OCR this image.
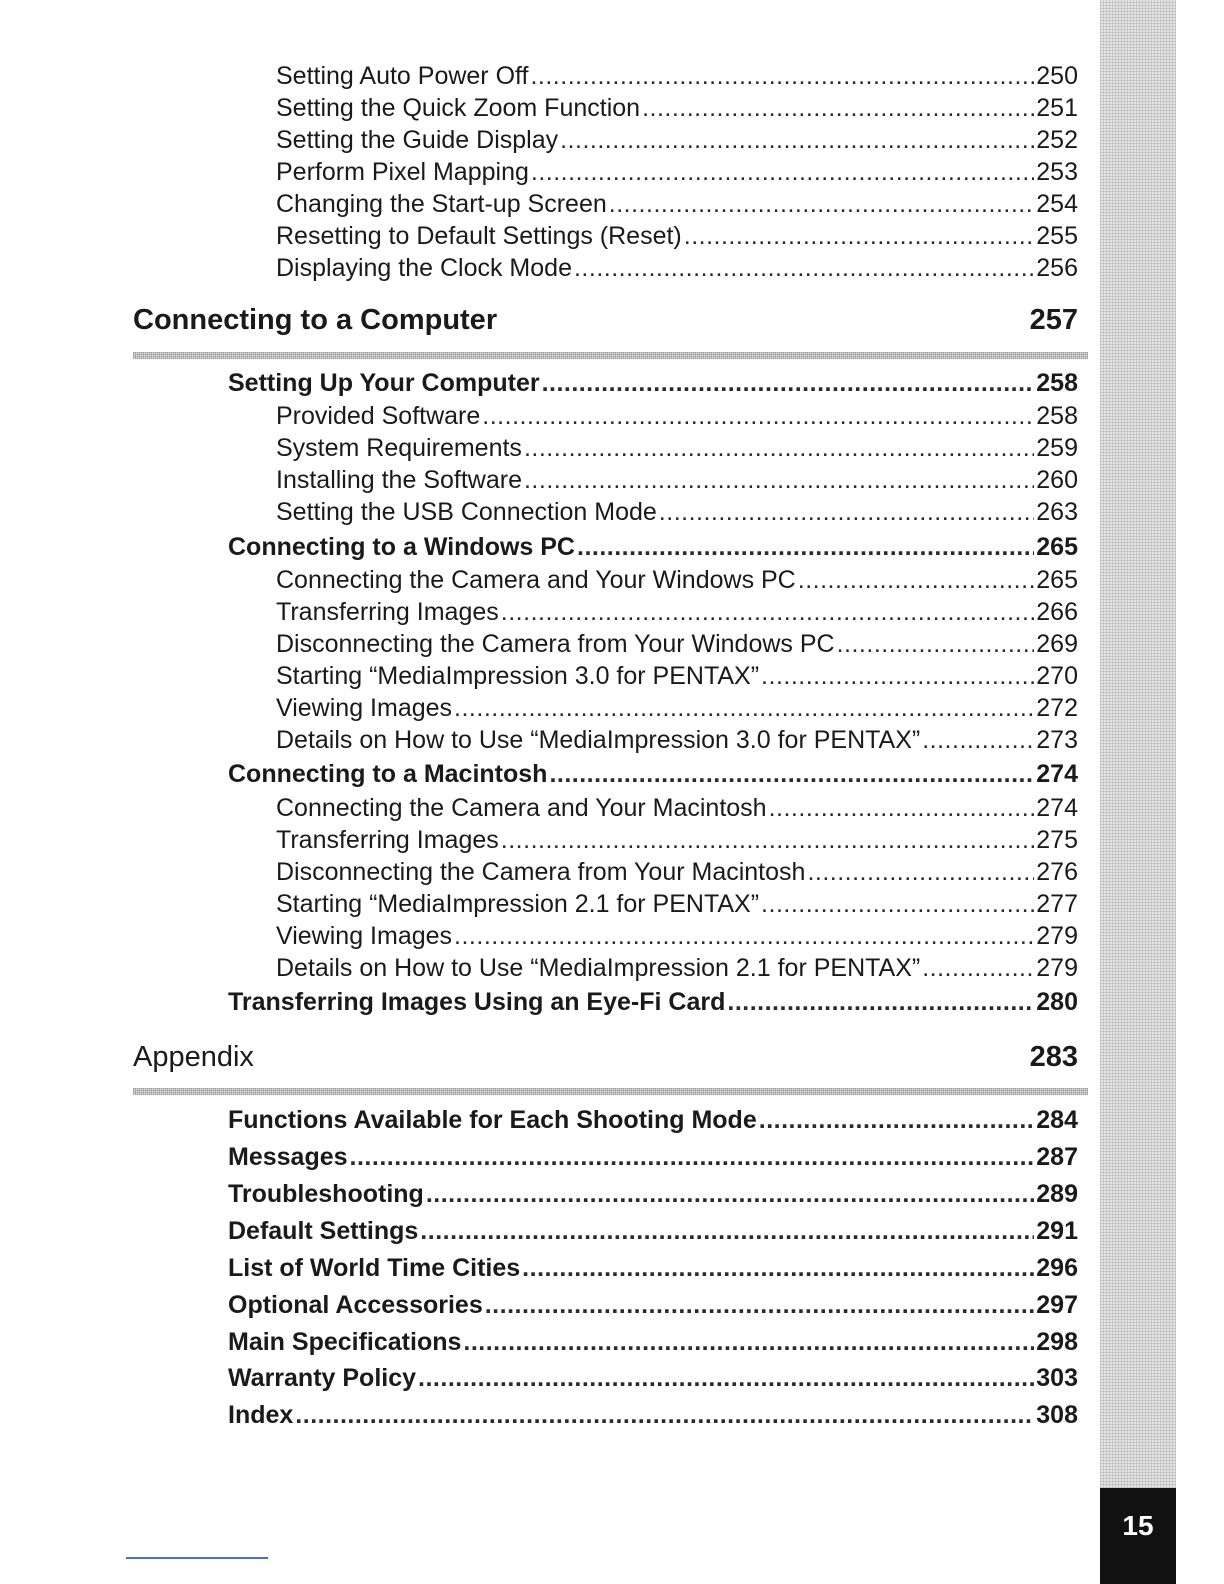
15
Setting Auto Power Off .....	250
Setting the Quick Zoom Function .....	251
Setting the Guide Display .....	252
Perform Pixel Mapping .....	253
Changing the Start-up Screen .....	254
Resetting to Default Settings (Reset) .....	255
Displaying the Clock Mode .....	256
Connecting to a Computer	257
Setting Up Your Computer .....	258
Provided Software .....	258
System Requirements .....	259
Installing the Software .....	260
Setting the USB Connection Mode .....	263
Connecting to a Windows PC .....	265
Connecting the Camera and Your Windows PC .....	265
Transferring Images .....	266
Disconnecting the Camera from Your Windows PC .....	269
Starting “MediaImpression 3.0 for PENTAX” .....	270
Viewing Images .....	272
Details on How to Use “MediaImpression 3.0 for PENTAX” .....	273
Connecting to a Macintosh .....	274
Connecting the Camera and Your Macintosh .....	274
Transferring Images .....	275
Disconnecting the Camera from Your Macintosh .....	276
Starting “MediaImpression 2.1 for PENTAX” .....	277
Viewing Images .....	279
Details on How to Use “MediaImpression 2.1 for PENTAX” .....	279
Transferring Images Using an Eye-Fi Card .....	280
Appendix	283
Functions Available for Each Shooting Mode .....	284
Messages .....	287
Troubleshooting .....	289
Default Settings .....	291
List of World Time Cities .....	296
Optional Accessories .....	297
Main Specifications .....	298
Warranty Policy .....	303
Index .....	308
